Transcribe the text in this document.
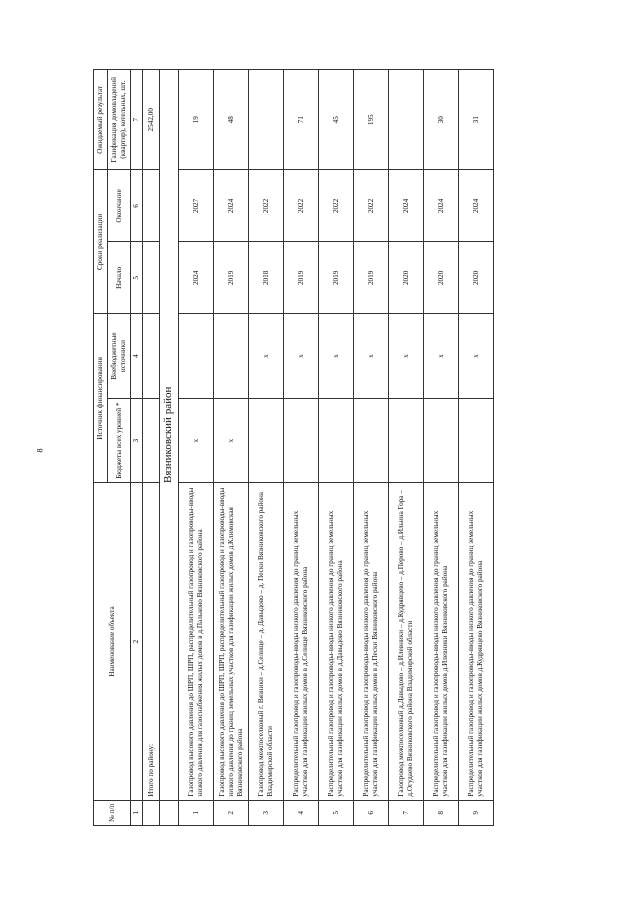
8
№ п/п	Наименование объекта	Источник финансирования		Сроки реализации		Ожидаемый результат
		Бюджеты всех уровней *	Внебюджетные источники	Начало	Окончание	Газификация домовладений (квартир), котельных, шт.
1	2	3	4	5	6	7
	Итого по району:					2542,00
	Вязниковский район					
1	Газопровод высокого давления до ШРП, ШРП, распределительный газопровод и газопроводы-вводы низкого давления для газоснабжения жилых домов в д.Пальково Вязниковского района	x		2024	2027	19
2	Газопровод высокого давления до ШРП, ШРП, распределительный газопровод и газопроводы-вводы низкого давления до границ земельных участков для газификации жилых домов д.Климовская Вязниковского района	x		2019	2024	48
3	Газопровод межпоселковый г. Вязники – д.Селище – д. Давыдово – д. Пески Вязниковского района Владимирской области		x	2018	2022	
4	Распределительный газопровод и газопроводы-вводы низкого давления до границ земельных участков для газификации жилых домов в д.Селище Вязниковского района		x	2019	2022	71
5	Распределительный газопровод и газопроводы-вводы низкого давления до границ земельных участков для газификации жилых домов в д.Давыдово Вязниковского района		x	2019	2022	45
6	Распределительный газопровод и газопроводы-вводы низкого давления до границ земельных участков для газификации жилых домов в д.Пески Вязниковского района		x	2019	2022	195
7	Газопровод межпоселковый д.Давыдово – д.Илевники – д.Кудрявцево – д.Перово – д.Ильина Гора – д.Огудаево Вязниковского района Владимирской области		x	2020	2024	
8	Распределительный газопровод и газопроводы-вводы низкого давления до границ земельных участков для газификации жилых домов д.Илевники Вязниковского района		x	2020	2024	30
9	Распределительный газопровод и газопроводы-вводы низкого давления до границ земельных участков для газификации жилых домов д.Кудрявцево Вязниковского района		x	2020	2024	31
